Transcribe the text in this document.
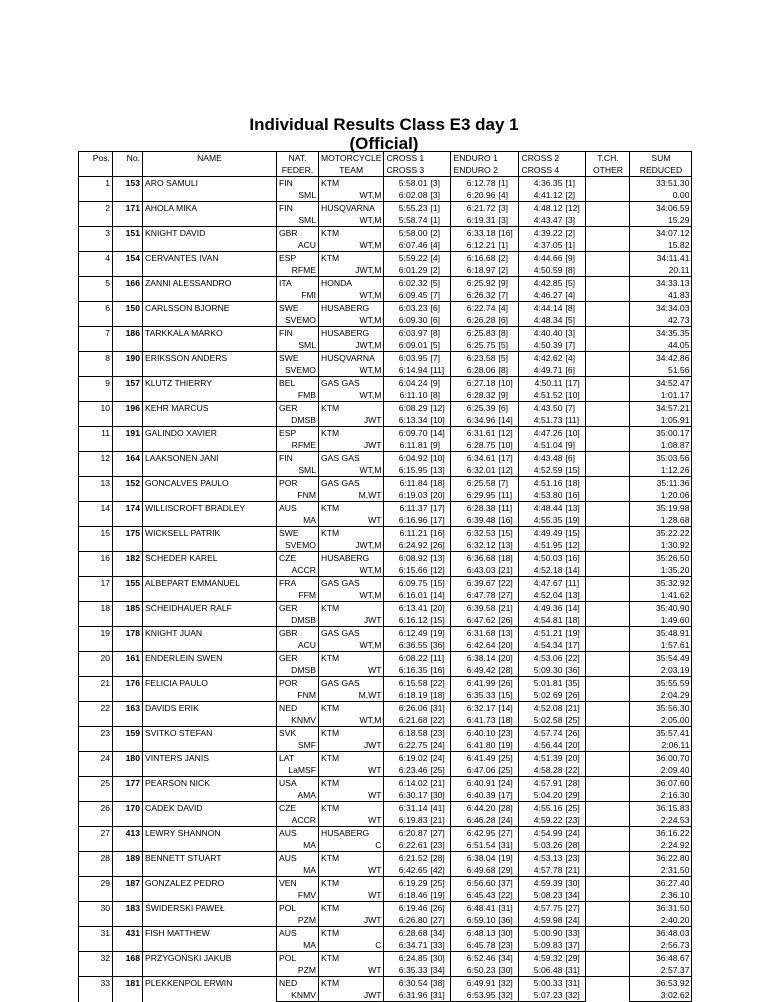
Individual Results Class E3 day 1
(Official)
Pos.	No.	NAME	NAT.	MOTORCYCLE	CROSS 1	ENDURO 1	CROSS 2	T.CH.	SUM
			FEDER.	TEAM	CROSS 3	ENDURO 2	CROSS 4	OTHER	REDUCED
1	153	ARO SAMULI	FIN	KTM	5:58.01 [3]	6:12.78 [1]	4:36.35 [1]		33:51.30
			SML	WT,M	6:02.08 [3]	6:20.96 [4]	4:41.12 [2]		0.00
2	171	AHOLA MIKA	FIN	HUSQVARNA	5:55.23 [1]	6:21.72 [3]	4:48.12 [12]		34:06.59
			SML	WT,M	5:58.74 [1]	6:19.31 [3]	4:43.47 [3]		15.29
3	151	KNIGHT DAVID	GBR	KTM	5:58.00 [2]	6:33.18 [16]	4:39.22 [2]		34:07.12
			ACU	WT,M	6:07.46 [4]	6:12.21 [1]	4:37.05 [1]		15.82
4	154	CERVANTES IVAN	ESP	KTM	5:59.22 [4]	6:16.68 [2]	4:44.66 [9]		34:11.41
			RFME	JWT,M	6:01.29 [2]	6:18.97 [2]	4:50.59 [8]		20.11
5	166	ZANNI ALESSANDRO	ITA	HONDA	6:02.32 [5]	6:25.92 [9]	4:42.85 [5]		34:33.13
			FMI	WT,M	6:09.45 [7]	6:26.32 [7]	4:46.27 [4]		41.83
6	150	CARLSSON BJORNE	SWE	HUSABERG	6:03.23 [6]	6:22.74 [4]	4:44.14 [8]		34:34.03
			SVEMO	WT,M	6:09.30 [6]	6:26.28 [6]	4:48.34 [5]		42.73
7	186	TARKKALA MARKO	FIN	HUSABERG	6:03.97 [8]	6:25.83 [8]	4:40.40 [3]		34:35.35
			SML	JWT,M	6:09.01 [5]	6:25.75 [5]	4:50.39 [7]		44.05
8	190	ERIKSSON ANDERS	SWE	HUSQVARNA	6:03.95 [7]	6:23.58 [5]	4:42.62 [4]		34:42.86
			SVEMO	WT,M	6:14.94 [11]	6:28.06 [8]	4:49.71 [6]		51.56
9	157	KLUTZ THIERRY	BEL	GAS GAS	6:04.24 [9]	6:27.18 [10]	4:50.11 [17]		34:52.47
			FMB	WT,M	6:11.10 [8]	6:28.32 [9]	4:51.52 [10]		1:01.17
10	196	KEHR MARCUS	GER	KTM	6:08.29 [12]	6:25.39 [6]	4:43.50 [7]		34:57.21
			DMSB	JWT	6:13.34 [10]	6:34.96 [14]	4:51.73 [11]		1:05.91
11	191	GALINDO XAVIER	ESP	KTM	6:09.70 [14]	6:31.61 [12]	4:47.26 [10]		35:00.17
			RFME	JWT	6:11.81 [9]	6:28.75 [10]	4:51.04 [9]		1:08.87
12	164	LAAKSONEN JANI	FIN	GAS GAS	6:04.92 [10]	6:34.61 [17]	4:43.48 [6]		35:03.56
			SML	WT,M	6:15.95 [13]	6:32.01 [12]	4:52.59 [15]		1:12.26
13	152	GONCALVES PAULO	POR	GAS GAS	6:11.84 [18]	6:25.58 [7]	4:51.16 [18]		35:11.36
			FNM	M,WT	6:19.03 [20]	6:29.95 [11]	4:53.80 [16]		1:20.06
14	174	WILLISCROFT BRADLEY	AUS	KTM	6:11.37 [17]	6:28.38 [11]	4:48.44 [13]		35:19.98
			MA	WT	6:16.96 [17]	6:39.48 [16]	4:55.35 [19]		1:28.68
15	175	WICKSELL PATRIK	SWE	KTM	6:11.21 [16]	6:32.53 [15]	4:49.49 [15]		35:22.22
			SVEMO	JWT,M	6:24.92 [26]	6:32.12 [13]	4:51.95 [12]		1:30.92
16	182	SCHEDER KAREL	CZE	HUSABERG	6:08.92 [13]	6:36.68 [18]	4:50.03 [16]		35:26.50
			ACCR	WT,M	6:15.66 [12]	6:43.03 [21]	4:52.18 [14]		1:35.20
17	155	ALBEPART EMMANUEL	FRA	GAS GAS	6:09.75 [15]	6:39.67 [22]	4:47.67 [11]		35:32.92
			FFM	WT,M	6:16.01 [14]	6:47.78 [27]	4:52.04 [13]		1:41.62
18	185	SCHEIDHAUER RALF	GER	KTM	6:13.41 [20]	6:39.58 [21]	4:49.36 [14]		35:40.90
			DMSB	JWT	6:16.12 [15]	6:47.62 [26]	4:54.81 [18]		1:49.60
19	178	KNIGHT JUAN	GBR	GAS GAS	6:12.49 [19]	6:31.68 [13]	4:51.21 [19]		35:48.91
			ACU	WT,M	6:36.55 [36]	6:42.64 [20]	4:54.34 [17]		1:57.61
20	161	ENDERLEIN SWEN	GER	KTM	6:08.22 [11]	6:38.14 [20]	4:53.06 [22]		35:54.49
			DMSB	WT	6:16.35 [16]	6:49.42 [28]	5:09.30 [36]		2:03.19
21	176	FELICIA PAULO	POR	GAS GAS	6:15.58 [22]	6:41.99 [26]	5:01.81 [35]		35:55.59
			FNM	M,WT	6:18.19 [18]	6:35.33 [15]	5:02.69 [26]		2:04.29
22	163	DAVIDS ERIK	NED	KTM	6:26.06 [31]	6:32.17 [14]	4:52.08 [21]		35:56.30
			KNMV	WT,M	6:21.68 [22]	6:41.73 [18]	5:02.58 [25]		2:05.00
23	159	SVITKO STEFAN	SVK	KTM	6:18.58 [23]	6:40.10 [23]	4:57.74 [26]		35:57.41
			SMF	JWT	6:22.75 [24]	6:41.80 [19]	4:56.44 [20]		2:06.11
24	180	VINTERS JANIS	LAT	KTM	6:19.02 [24]	6:41.49 [25]	4:51.39 [20]		36:00.70
			LaMSF	WT	6:23.46 [25]	6:47.06 [25]	4:58.28 [22]		2:09.40
25	177	PEARSON NICK	USA	KTM	6:14.02 [21]	6:40.91 [24]	4:57.91 [28]		36:07.60
			AMA	WT	6:30.17 [30]	6:40.39 [17]	5:04.20 [29]		2:16.30
26	170	CADEK DAVID	CZE	KTM	6:31.14 [41]	6:44.20 [28]	4:55.16 [25]		36:15.83
			ACCR	WT	6:19.83 [21]	6:46.28 [24]	4:59.22 [23]		2:24.53
27	413	LEWRY SHANNON	AUS	HUSABERG	6:20.87 [27]	6:42.95 [27]	4:54.99 [24]		36:16.22
			MA	C	6:22.61 [23]	6:51.54 [31]	5:03.26 [28]		2:24.92
28	189	BENNETT STUART	AUS	KTM	6:21.52 [28]	6:38.04 [19]	4:53.13 [23]		36:22.80
			MA	WT	6:42.65 [42]	6:49.68 [29]	4:57.78 [21]		2:31.50
29	187	GONZALEZ PEDRO	VEN	KTM	6:19.29 [25]	6:56.60 [37]	4:59.39 [30]		36:27.40
			FMV	WT	6:18.46 [19]	6:45.43 [22]	5:08.23 [34]		2:36.10
30	183	ŚWIDERSKI PAWEŁ	POL	KTM	6:19.46 [26]	6:48.41 [31]	4:57.75 [27]		36:31.50
			PZM	JWT	6:26.80 [27]	6:59.10 [36]	4:59.98 [24]		2:40.20
31	431	FISH MATTHEW	AUS	KTM	6:28.68 [34]	6:48.13 [30]	5:00.90 [33]		36:48.03
			MA	C	6:34.71 [33]	6:45.78 [23]	5:09.83 [37]		2:56.73
32	168	PRZYGOŃSKI JAKUB	POL	KTM	6:24.85 [30]	6:52.46 [34]	4:59.32 [29]		36:48.67
			PZM	WT	6:35.33 [34]	6:50.23 [30]	5:06.48 [31]		2:57.37
33	181	PLEKKENPOL ERWIN	NED	KTM	6:30.54 [38]	6:49.91 [32]	5:00.33 [31]		36:53.92
			KNMV	JWT	6:31.96 [31]	6:53.95 [32]	5:07.23 [32]		3:02.62
